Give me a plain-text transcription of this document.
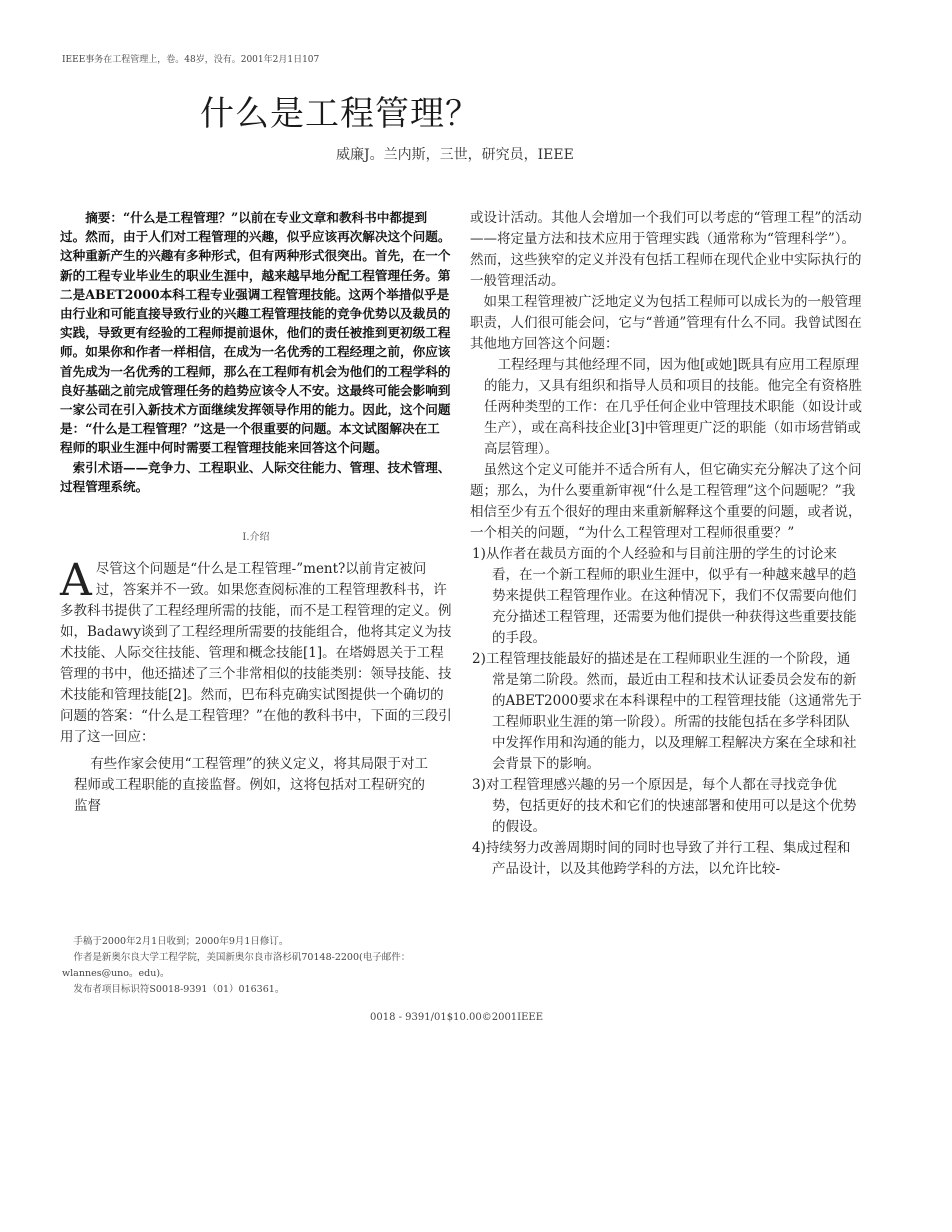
IEEE事务在工程管理上，卷。48岁，没有。2001年2月1日107
什么是工程管理？
威廉J。兰内斯，三世，研究员，IEEE

摘要：“什么是工程管理？”以前在专业文章和教科书中都提到过。然而，由于人们对工程管理的兴趣，似乎应该再次解决这个问题。这种重新产生的兴趣有多种形式，但有两种形式很突出。首先，在一个新的工程专业毕业生的职业生涯中，越来越早地分配工程管理任务。第二是ABET2000本科工程专业强调工程管理技能。这两个举措似乎是由行业和可能直接导致行业的兴趣工程管理技能的竞争优势以及裁员的实践，导致更有经验的工程师提前退休，他们的责任被推到更初级工程师。如果你和作者一样相信，在成为一名优秀的工程经理之前，你应该首先成为一名优秀的工程师，那么在工程师有机会为他们的工程学科的良好基础之前完成管理任务的趋势应该令人不安。这最终可能会影响到一家公司在引入新技术方面继续发挥领导作用的能力。因此，这个问题是：“什么是工程管理？”这是一个很重要的问题。本文试图解决在工程师的职业生涯中何时需要工程管理技能来回答这个问题。

索引术语——竞争力、工程职业、人际交往能力、管理、技术管理、过程管理系统。

I.介绍

A尽管这个问题是“什么是工程管理-”ment?以前肯定被问过，答案并不一致。如果您查阅标准的工程管理教科书，许多教科书提供了工程经理所需的技能，而不是工程管理的定义。例如，Badawy谈到了工程经理所需要的技能组合，他将其定义为技术技能、人际交往技能、管理和概念技能[1]。在塔姆恩关于工程管理的书中，他还描述了三个非常相似的技能类别：领导技能、技术技能和管理技能[2]。然而，巴布科克确实试图提供一个确切的问题的答案：“什么是工程管理？”在他的教科书中，下面的三段引用了这一回应：

有些作家会使用“工程管理”的狭义定义，将其局限于对工程师或工程职能的直接监督。例如，这将包括对工程研究的监督

或设计活动。其他人会增加一个我们可以考虑的“管理工程”的活动——将定量方法和技术应用于管理实践（通常称为“管理科学”）。然而，这些狭窄的定义并没有包括工程师在现代企业中实际执行的一般管理活动。

如果工程管理被广泛地定义为包括工程师可以成长为的一般管理职责，人们很可能会问，它与“普通”管理有什么不同。我曾试图在其他地方回答这个问题：

工程经理与其他经理不同，因为他[或她]既具有应用工程原理的能力，又具有组织和指导人员和项目的技能。他完全有资格胜任两种类型的工作：在几乎任何企业中管理技术职能（如设计或生产），或在高科技企业[3]中管理更广泛的职能（如市场营销或高层管理）。

虽然这个定义可能并不适合所有人，但它确实充分解决了这个问题；那么，为什么要重新审视“什么是工程管理”这个问题呢？”我相信至少有五个很好的理由来重新解释这个重要的问题，或者说，一个相关的问题，“为什么工程管理对工程师很重要？”

1)从作者在裁员方面的个人经验和与目前注册的学生的讨论来看，在一个新工程师的职业生涯中，似乎有一种越来越早的趋势来提供工程管理作业。在这种情况下，我们不仅需要向他们充分描述工程管理，还需要为他们提供一种获得这些重要技能的手段。
2)工程管理技能最好的描述是在工程师职业生涯的一个阶段，通常是第二阶段。然而，最近由工程和技术认证委员会发布的新的ABET2000要求在本科课程中的工程管理技能（这通常先于工程师职业生涯的第一阶段）。所需的技能包括在多学科团队中发挥作用和沟通的能力，以及理解工程解决方案在全球和社会背景下的影响。
3)对工程管理感兴趣的另一个原因是，每个人都在寻找竞争优势，包括更好的技术和它们的快速部署和使用可以是这个优势的假设。
4)持续努力改善周期时间的同时也导致了并行工程、集成过程和产品设计，以及其他跨学科的方法，以允许比较-
手稿于2000年2月1日收到；2000年9月1日修订。
作者是新奥尔良大学工程学院，美国新奥尔良市洛杉矶70148-2200(电子邮件：
wlannes@uno。edu)。
发布者项目标识符S0018-9391（01）016361。
0018 - 9391/01$10.00©2001IEEE
